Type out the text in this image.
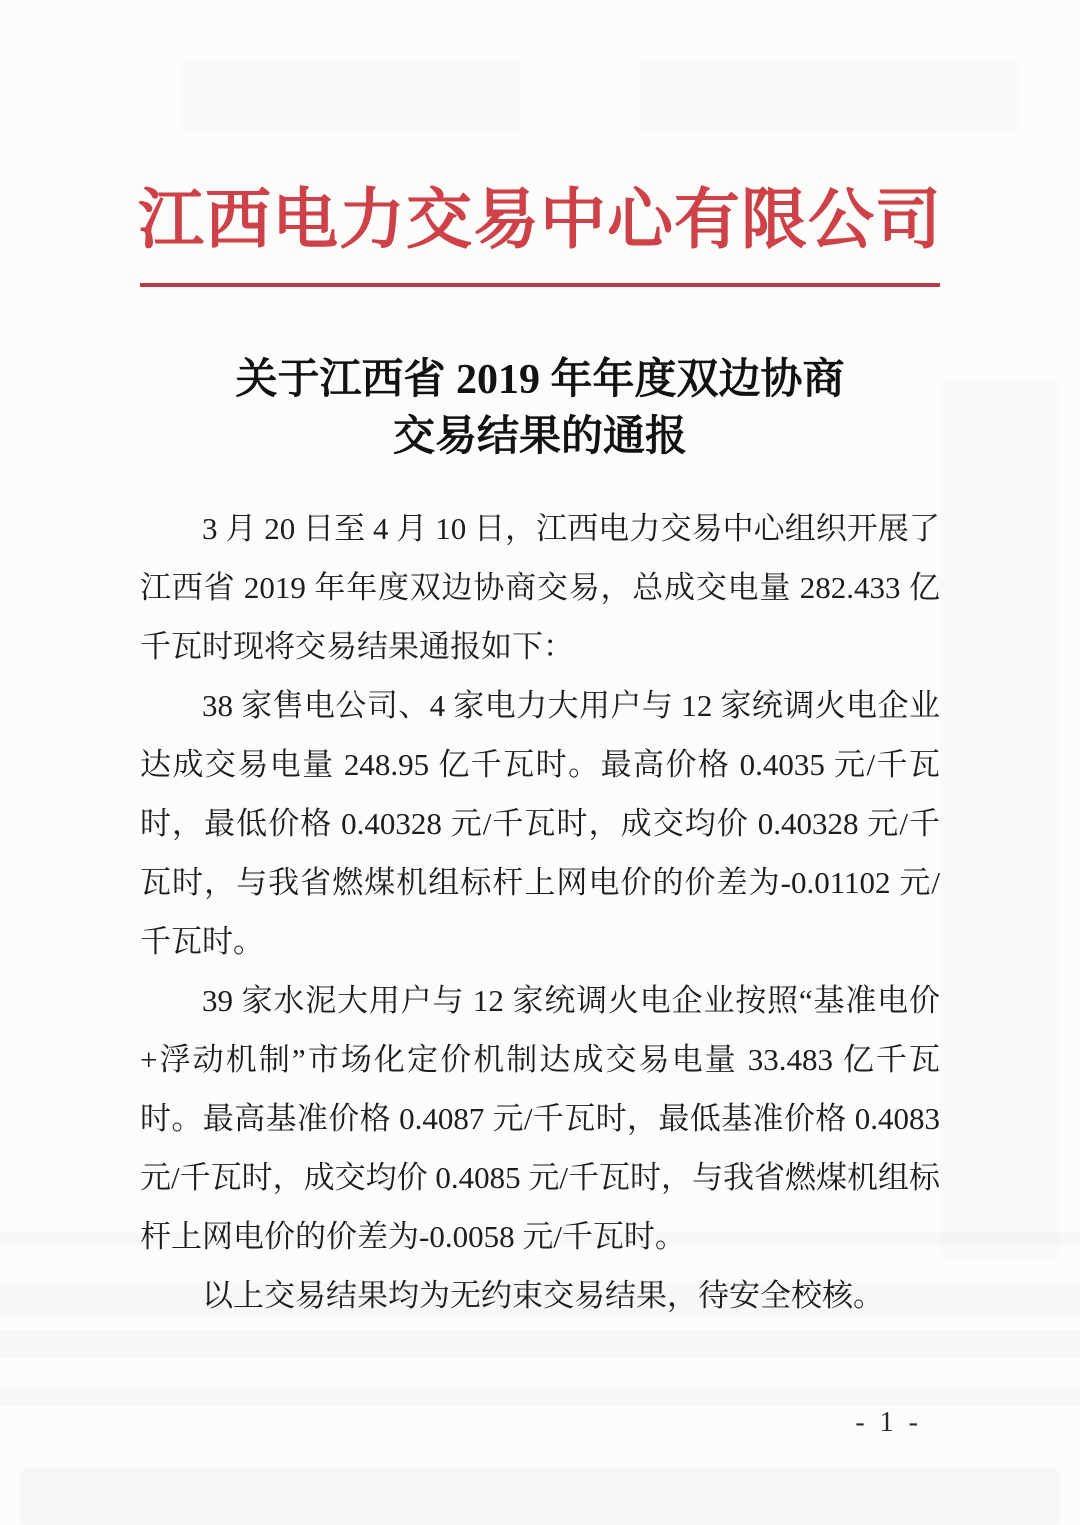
江西电力交易中心有限公司
关于江西省 2019 年年度双边协商
交易结果的通报

3 月 20 日至 4 月 10 日，江西电力交易中心组织开展了江西省 2019 年年度双边协商交易，总成交电量 282.433 亿千瓦时现将交易结果通报如下：

38 家售电公司、4 家电力大用户与 12 家统调火电企业达成交易电量 248.95 亿千瓦时。最高价格 0.4035 元/千瓦时，最低价格 0.40328 元/千瓦时，成交均价 0.40328 元/千瓦时，与我省燃煤机组标杆上网电价的价差为-0.01102 元/千瓦时。

39 家水泥大用户与 12 家统调火电企业按照“基准电价+浮动机制”市场化定价机制达成交易电量 33.483 亿千瓦时。最高基准价格 0.4087 元/千瓦时，最低基准价格 0.4083 元/千瓦时，成交均价 0.4085 元/千瓦时，与我省燃煤机组标杆上网电价的价差为-0.0058 元/千瓦时。

以上交易结果均为无约束交易结果，待安全校核。

- 1 -
